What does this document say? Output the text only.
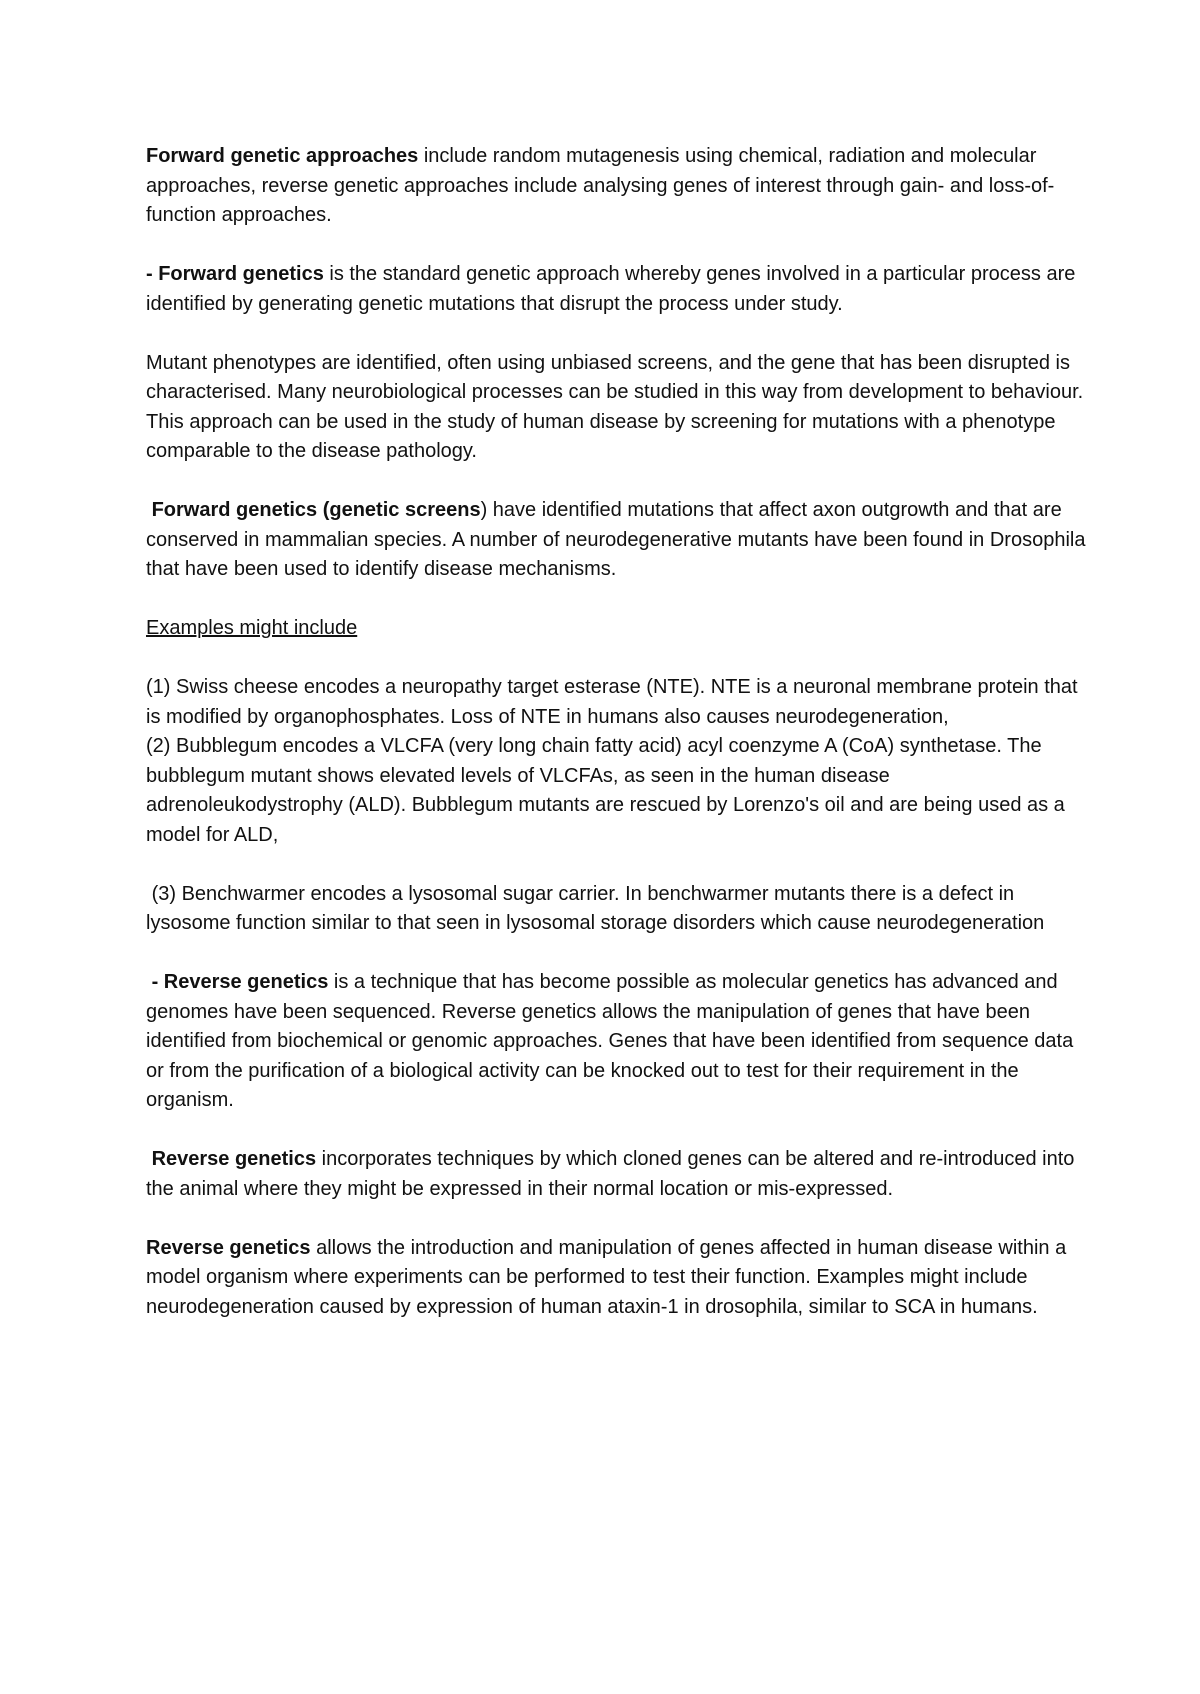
Forward genetic approaches include random mutagenesis using chemical, radiation and molecular approaches, reverse genetic approaches include analysing genes of interest through gain- and loss-of-function approaches.

- Forward genetics is the standard genetic approach whereby genes involved in a particular process are identified by generating genetic mutations that disrupt the process under study.

Mutant phenotypes are identified, often using unbiased screens, and the gene that has been disrupted is characterised. Many neurobiological processes can be studied in this way from development to behaviour. This approach can be used in the study of human disease by screening for mutations with a phenotype comparable to the disease pathology.

Forward genetics (genetic screens) have identified mutations that affect axon outgrowth and that are conserved in mammalian species. A number of neurodegenerative mutants have been found in Drosophila that have been used to identify disease mechanisms.

Examples might include

(1) Swiss cheese encodes a neuropathy target esterase (NTE). NTE is a neuronal membrane protein that is modified by organophosphates. Loss of NTE in humans also causes neurodegeneration,
(2) Bubblegum encodes a VLCFA (very long chain fatty acid) acyl coenzyme A (CoA) synthetase. The bubblegum mutant shows elevated levels of VLCFAs, as seen in the human disease adrenoleukodystrophy (ALD). Bubblegum mutants are rescued by Lorenzo's oil and are being used as a model for ALD,

(3) Benchwarmer encodes a lysosomal sugar carrier. In benchwarmer mutants there is a defect in lysosome function similar to that seen in lysosomal storage disorders which cause neurodegeneration

- Reverse genetics is a technique that has become possible as molecular genetics has advanced and genomes have been sequenced. Reverse genetics allows the manipulation of genes that have been identified from biochemical or genomic approaches. Genes that have been identified from sequence data or from the purification of a biological activity can be knocked out to test for their requirement in the organism.

Reverse genetics incorporates techniques by which cloned genes can be altered and re-introduced into the animal where they might be expressed in their normal location or mis-expressed.

Reverse genetics allows the introduction and manipulation of genes affected in human disease within a model organism where experiments can be performed to test their function. Examples might include neurodegeneration caused by expression of human ataxin-1 in drosophila, similar to SCA in humans.
